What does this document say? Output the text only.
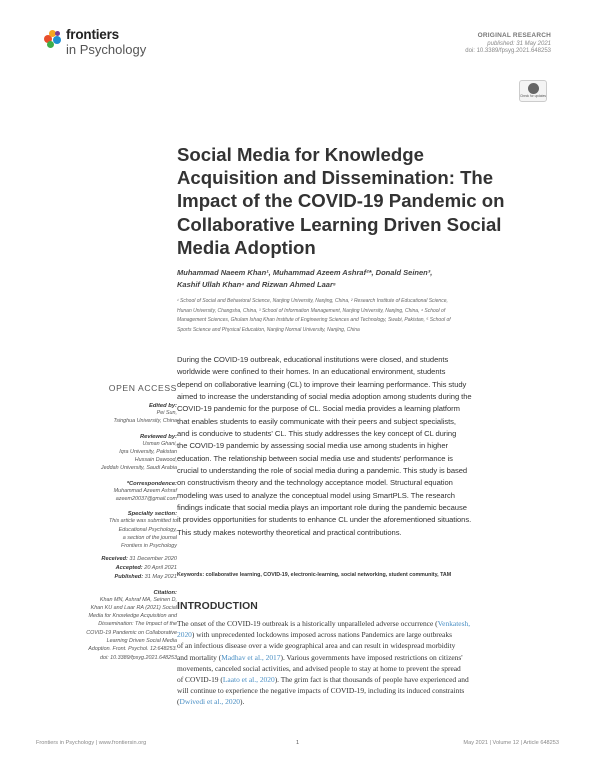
frontiers
in Psychology
ORIGINAL RESEARCH
published: 31 May 2021
doi: 10.3389/fpsyg.2021.648253
Check for updates
Social Media for Knowledge
Acquisition and Dissemination: The
Impact of the COVID-19 Pandemic on
Collaborative Learning Driven Social
Media Adoption
Muhammad Naeem Khan¹, Muhammad Azeem Ashraf²*, Donald Seinen³,
Kashif Ullah Khan⁴ and Rizwan Ahmed Laar⁵
¹ School of Social and Behavioral Science, Nanjing University, Nanjing, China, ² Research Institute of Educational Science,
Hunan University, Changsha, China, ³ School of Information Management, Nanjing University, Nanjing, China, ⁴ School of
Management Sciences, Ghulam Ishaq Khan Institute of Engineering Sciences and Technology, Swabi, Pakistan, ⁵ School of
Sports Science and Physical Education, Nanjing Normal University, Nanjing, China
During the COVID-19 outbreak, educational institutions were closed, and students
worldwide were confined to their homes. In an educational environment, students
depend on collaborative learning (CL) to improve their learning performance. This study
aimed to increase the understanding of social media adoption among students during the
COVID-19 pandemic for the purpose of CL. Social media provides a learning platform
that enables students to easily communicate with their peers and subject specialists,
and is conducive to students' CL. This study addresses the key concept of CL during
the COVID-19 pandemic by assessing social media use among students in higher
education. The relationship between social media use and students' performance is
crucial to understanding the role of social media during a pandemic. This study is based
on constructivism theory and the technology acceptance model. Structural equation
modeling was used to analyze the conceptual model using SmartPLS. The research
findings indicate that social media plays an important role during the pandemic because
it provides opportunities for students to enhance CL under the aforementioned situations.
This study makes noteworthy theoretical and practical contributions.
Keywords: collaborative learning, COVID-19, electronic-learning, social networking, student community, TAM
OPEN ACCESS
Edited by:
Pei Sun,
Tsinghua University, China
Reviewed by:
Usman Ghani,
Iqra University, Pakistan
Hussain Dawood,
Jeddah University, Saudi Arabia
*Correspondence:
Muhammad Azeem Ashraf
azeem20037@gmail.com
Specialty section:
This article was submitted to
Educational Psychology,
a section of the journal
Frontiers in Psychology
Received: 31 December 2020
Accepted: 20 April 2021
Published: 31 May 2021
Citation:
Khan MN, Ashraf MA, Seinen D,
Khan KU and Laar RA (2021) Social
Media for Knowledge Acquisition and
Dissemination: The Impact of the
COVID-19 Pandemic on Collaborative
Learning Driven Social Media
Adoption. Front. Psychol. 12:648253.
doi: 10.3389/fpsyg.2021.648253
INTRODUCTION
The onset of the COVID-19 outbreak is a historically unparalleled adverse occurrence (Venkatesh,
2020) with unprecedented lockdowns imposed across nations Pandemics are large outbreaks
of an infectious disease over a wide geographical area and can result in widespread morbidity
and mortality (Madhav et al., 2017). Various governments have imposed restrictions on citizens'
movements, canceled social activities, and advised people to stay at home to prevent the spread
of COVID-19 (Laato et al., 2020). The grim fact is that thousands of people have experienced and
will continue to experience the negative impacts of COVID-19, including its induced constraints
(Dwivedi et al., 2020).
Frontiers in Psychology | www.frontiersin.org	1	May 2021 | Volume 12 | Article 648253
